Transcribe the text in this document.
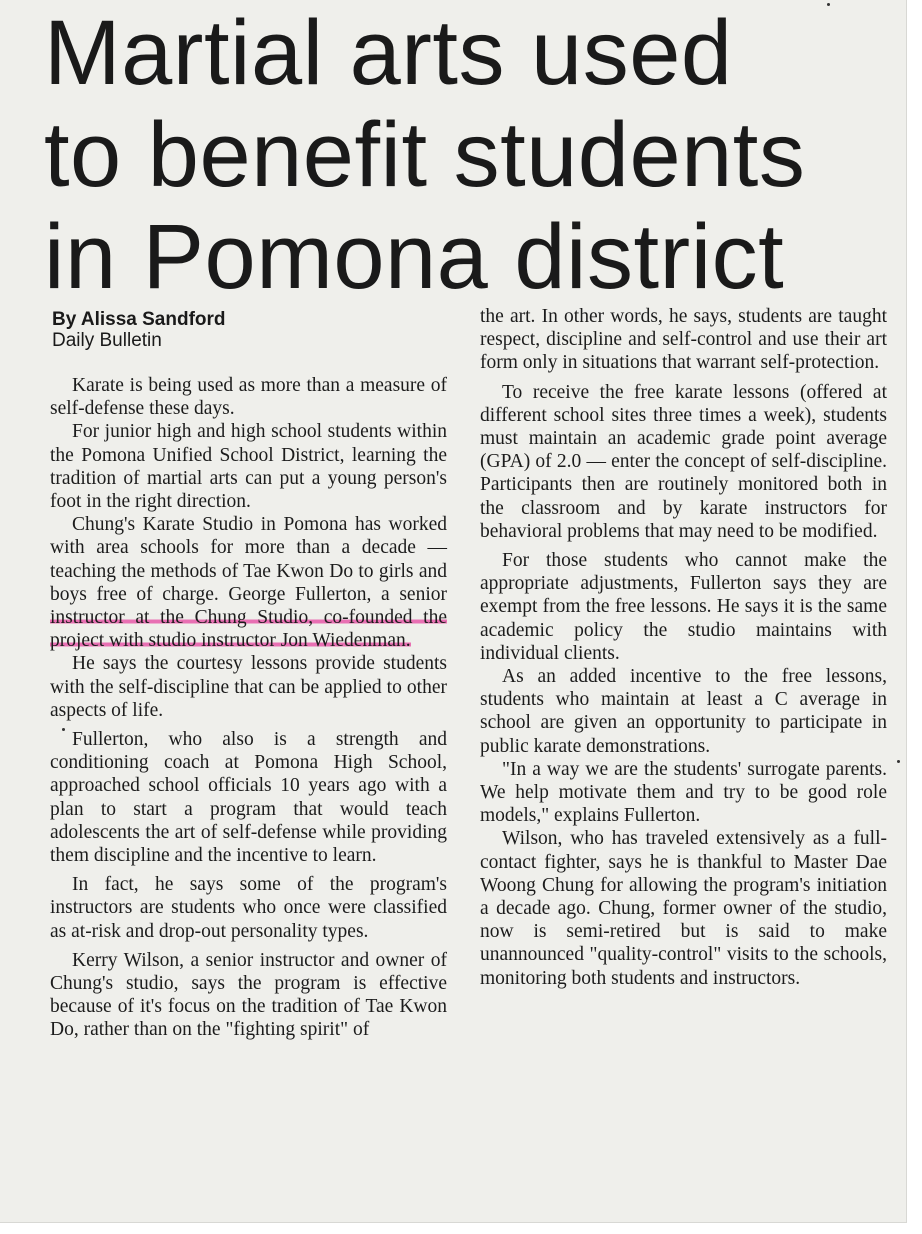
Martial arts used
to benefit students
in Pomona district
By Alissa Sandford
Daily Bulletin

Karate is being used as more than a measure of self-defense these days.

For junior high and high school students within the Pomona Unified School District, learning the tradition of martial arts can put a young person's foot in the right direction.

Chung's Karate Studio in Pomona has worked with area schools for more than a decade — teaching the methods of Tae Kwon Do to girls and boys free of charge. George Fullerton, a senior instructor at the Chung Studio, co-founded the project with studio instructor Jon Wiedenman.

He says the courtesy lessons provide students with the self-discipline that can be applied to other aspects of life.

Fullerton, who also is a strength and conditioning coach at Pomona High School, approached school officials 10 years ago with a plan to start a program that would teach adolescents the art of self-defense while providing them discipline and the incentive to learn.

In fact, he says some of the program's instructors are students who once were classified as at-risk and drop-out personality types.

Kerry Wilson, a senior instructor and owner of Chung's studio, says the program is effective because of it's focus on the tradition of Tae Kwon Do, rather than on the "fighting spirit" of

the art. In other words, he says, students are taught respect, discipline and self-control and use their art form only in situations that warrant self-protection.

To receive the free karate lessons (offered at different school sites three times a week), students must maintain an academic grade point average (GPA) of 2.0 — enter the concept of self-discipline. Participants then are routinely monitored both in the classroom and by karate instructors for behavioral problems that may need to be modified.

For those students who cannot make the appropriate adjustments, Fullerton says they are exempt from the free lessons. He says it is the same academic policy the studio maintains with individual clients.

As an added incentive to the free lessons, students who maintain at least a C average in school are given an opportunity to participate in public karate demonstrations.

"In a way we are the students' surrogate parents. We help motivate them and try to be good role models," explains Fullerton.

Wilson, who has traveled extensively as a full-contact fighter, says he is thankful to Master Dae Woong Chung for allowing the program's initiation a decade ago. Chung, former owner of the studio, now is semi-retired but is said to make unannounced "quality-control" visits to the schools, monitoring both students and instructors.
